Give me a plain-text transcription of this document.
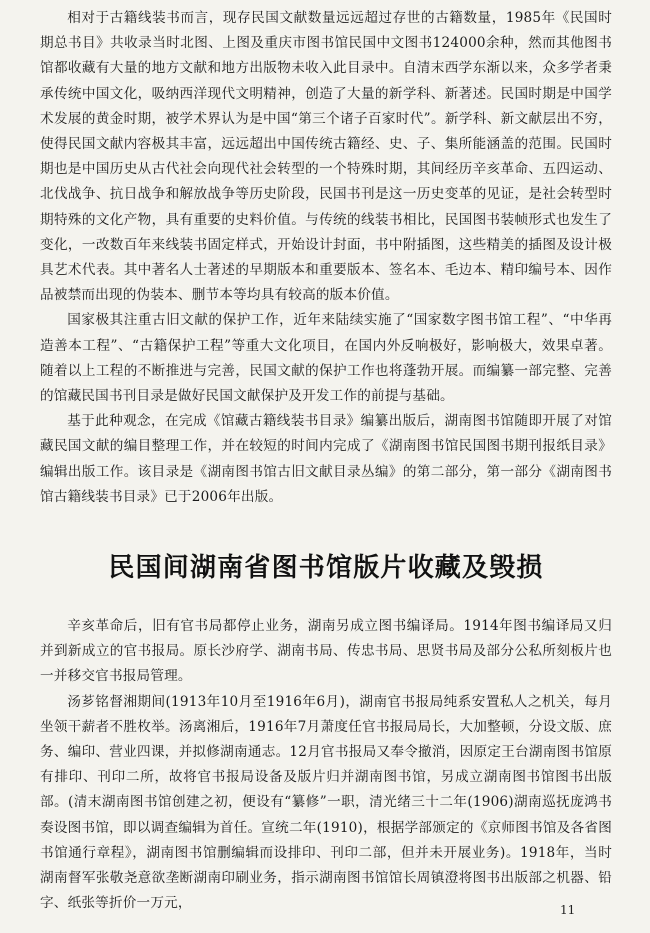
相对于古籍线装书而言，现存民国文献数量远远超过存世的古籍数量，1985年《民国时期总书目》共收录当时北图、上图及重庆市图书馆民国中文图书124000余种，然而其他图书馆都收藏有大量的地方文献和地方出版物未收入此目录中。自清末西学东渐以来，众多学者秉承传统中国文化，吸纳西洋现代文明精神，创造了大量的新学科、新著述。民国时期是中国学术发展的黄金时期，被学术界认为是中国“第三个诸子百家时代”。新学科、新文献层出不穷，使得民国文献内容极其丰富，远远超出中国传统古籍经、史、子、集所能涵盖的范围。民国时期也是中国历史从古代社会向现代社会转型的一个特殊时期，其间经历辛亥革命、五四运动、北伐战争、抗日战争和解放战争等历史阶段，民国书刊是这一历史变革的见证，是社会转型时期特殊的文化产物，具有重要的史料价值。与传统的线装书相比，民国图书装帧形式也发生了变化，一改数百年来线装书固定样式，开始设计封面，书中附插图，这些精美的插图及设计极具艺术代表。其中著名人士著述的早期版本和重要版本、签名本、毛边本、精印编号本、因作品被禁而出现的伪装本、删节本等均具有较高的版本价值。

国家极其注重古旧文献的保护工作，近年来陆续实施了“国家数字图书馆工程”、“中华再造善本工程”、“古籍保护工程”等重大文化项目，在国内外反响极好，影响极大，效果卓著。随着以上工程的不断推进与完善，民国文献的保护工作也将蓬勃开展。而编纂一部完整、完善的馆藏民国书刊目录是做好民国文献保护及开发工作的前提与基础。

基于此种观念，在完成《馆藏古籍线装书目录》编纂出版后，湖南图书馆随即开展了对馆藏民国文献的编目整理工作，并在较短的时间内完成了《湖南图书馆民国图书期刊报纸目录》编辑出版工作。该目录是《湖南图书馆古旧文献目录丛编》的第二部分，第一部分《湖南图书馆古籍线装书目录》已于2006年出版。

民国间湖南省图书馆版片收藏及毁损

辛亥革命后，旧有官书局都停止业务，湖南另成立图书编译局。1914年图书编译局又归并到新成立的官书报局。原长沙府学、湖南书局、传忠书局、思贤书局及部分公私所刻板片也一并移交官书报局管理。

汤芗铭督湘期间(1913年10月至1916年6月)，湖南官书报局纯系安置私人之机关，每月坐领干薪者不胜枚举。汤离湘后，1916年7月萧度任官书报局局长，大加整顿，分设文版、庶务、编印、营业四课，并拟修湖南通志。12月官书报局又奉令撤消，因原定王台湖南图书馆原有排印、刊印二所，故将官书报局设备及版片归并湖南图书馆，另成立湖南图书馆图书出版部。(清末湖南图书馆创建之初，便设有“纂修”一职，清光绪三十二年(1906)湖南巡抚庞鸿书奏设图书馆，即以调查编辑为首任。宣统二年(1910)，根据学部颁定的《京师图书馆及各省图书馆通行章程》，湖南图书馆删编辑而设排印、刊印二部，但并未开展业务)。1918年，当时湖南督军张敬尧意欲垄断湖南印刷业务，指示湖南图书馆馆长周镇澄将图书出版部之机器、铅字、纸张等折价一万元，	11
